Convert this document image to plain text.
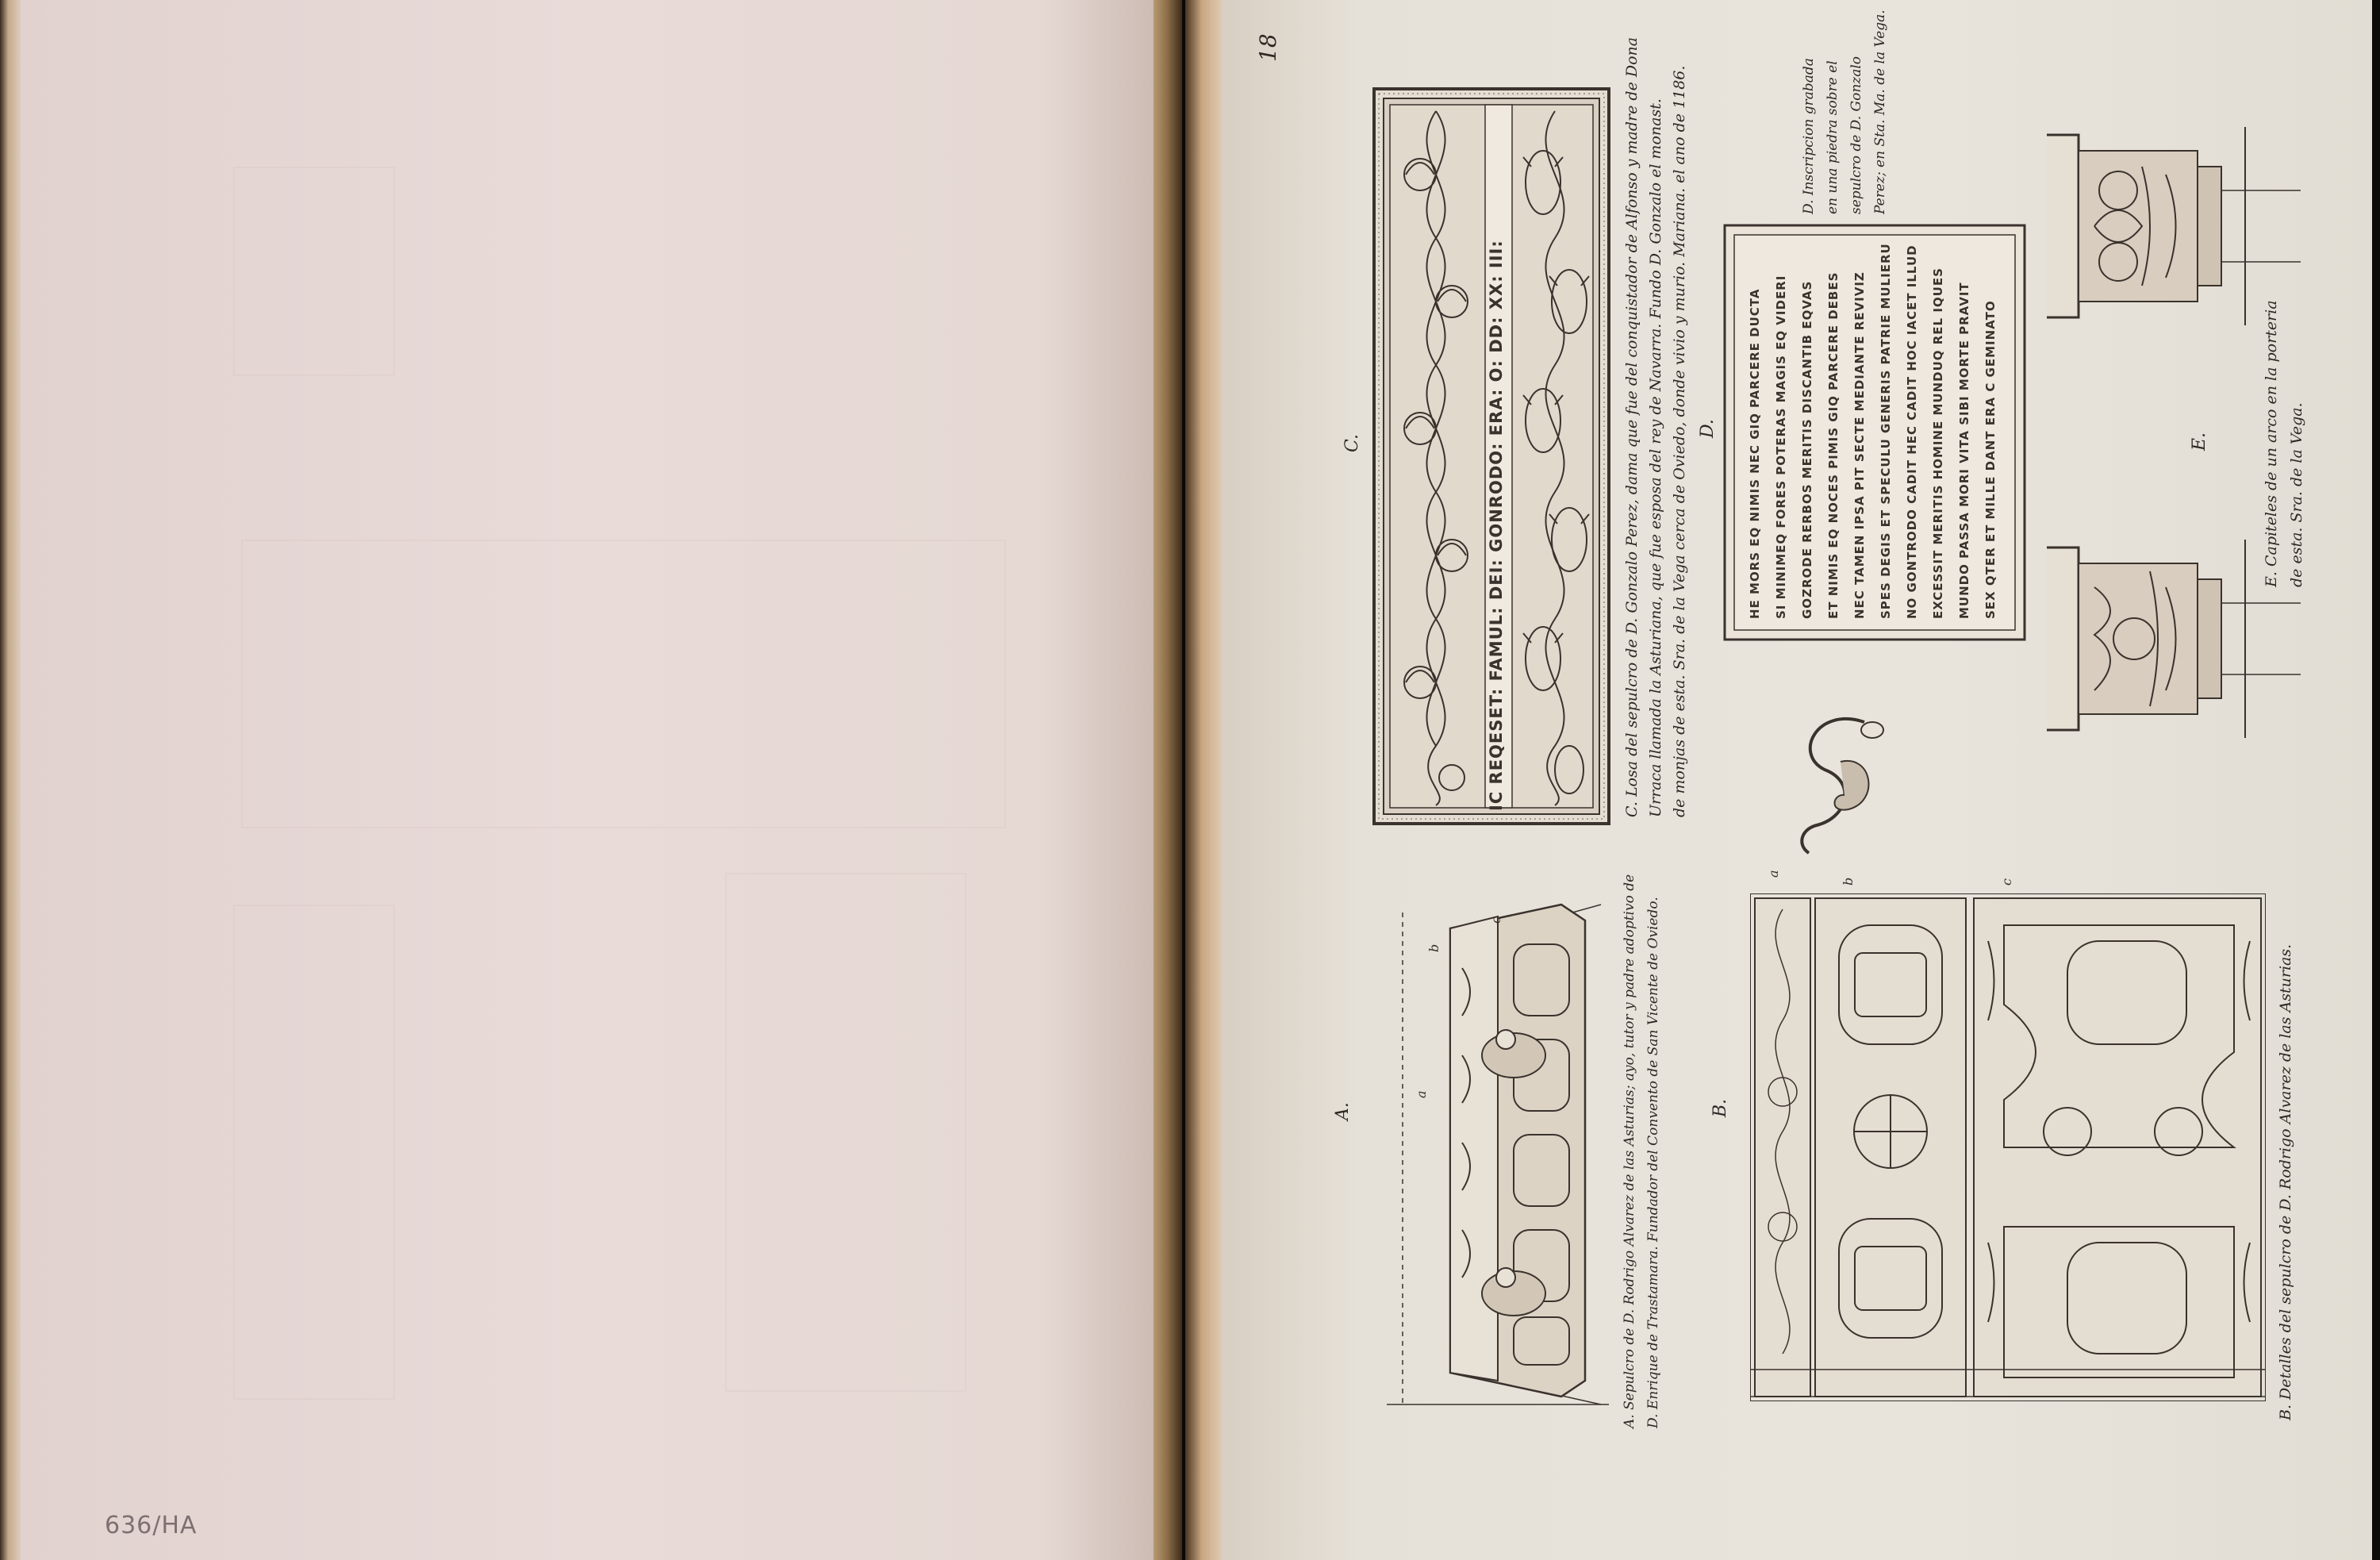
636/HA
18
IC REQESET: FAMUL: DEI: GONRODO: ERA: O: DD: XX: III:
C.	C. Losa del sepulcro de D. Gonzalo Perez, dama que fue del conquistador de Alfonso y madre de Dona Urraca llamada la Asturiana, que fue esposa del rey de Navarra. Fundo D. Gonzalo el monast. de monjas de esta. Sra. de la Vega cerca de Oviedo, donde vivio y murio. Mariana. el ano de 1186.	HE MORS EQ NIMIS NEC GIQ PARCERE DUCTA	SI MINIMEQ FORES POTERAS MAGIS EQ VIDERI	GOZRODE RERBOS MERITIS DISCANTIB EQVAS	ET NIMIS EQ NOCES PIMIS GIQ PARCERE DEBES	NEC TAMEN IPSA PIT SECTE MEDIANTE REVIVIZ	SPES DEGIS ET SPECULU GENERIS PATRIE MULIERU	NO GONTRODO CADIT HEC CADIT HOC IACET ILLUD	EXCESSIT MERITIS HOMINE MUNDUQ REL IQUES	MUNDO PASSA MORI VITA SIBI MORTE PRAVIT	SEX QTER ET MILLE DANT ERA C GEMINATO
D.
D. Inscripcion grabada en una piedra sobre el sepulcro de D. Gonzalo Perez; en Sta. Ma. de la Vega.
E.	E. Capiteles de un arco en la porteria de esta. Sra. de la Vega.
a
b
c
A.	A. Sepulcro de D. Rodrigo Alvarez de las Asturias; ayo, tutor y padre adoptivo de D. Enrique de Trastamara. Fundador del Convento de San Vicente de Oviedo.
a
b	c
B.	B. Detalles del sepulcro de D. Rodrigo Alvarez de las Asturias.
